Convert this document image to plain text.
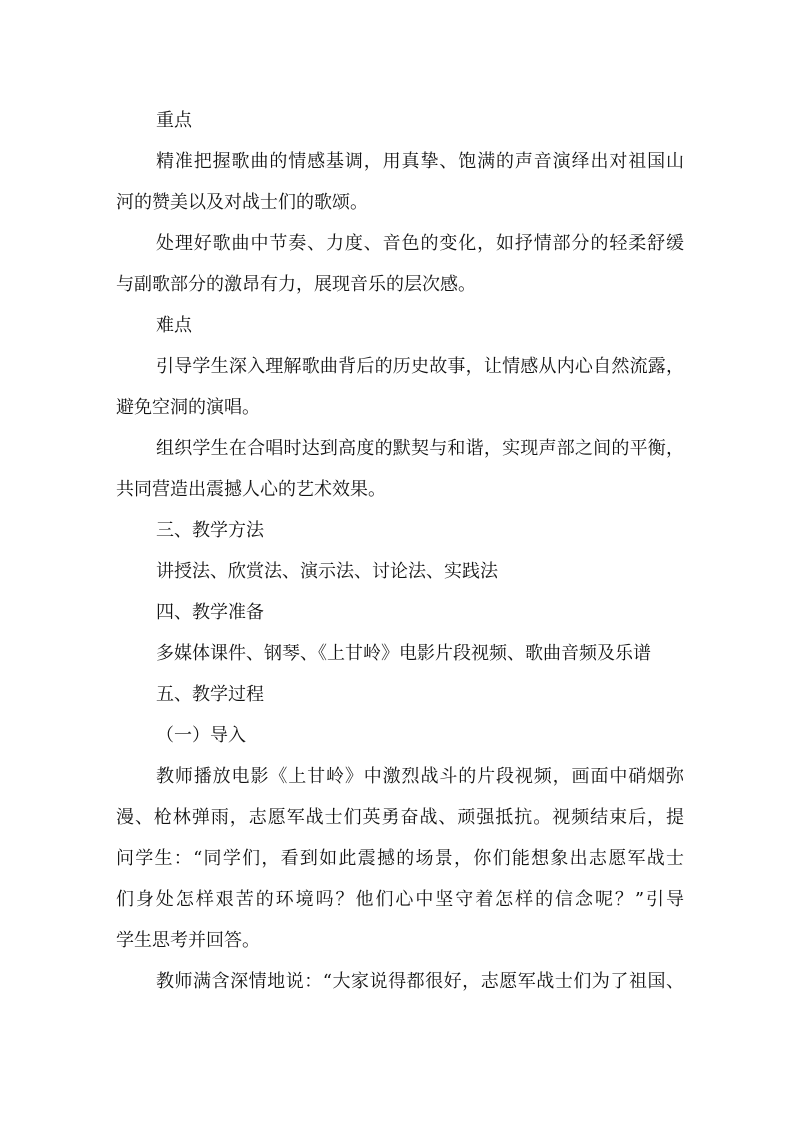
重点
精准把握歌曲的情感基调，用真挚、饱满的声音演绎出对祖国山
河的赞美以及对战士们的歌颂。
处理好歌曲中节奏、力度、音色的变化，如抒情部分的轻柔舒缓
与副歌部分的激昂有力，展现音乐的层次感。
难点
引导学生深入理解歌曲背后的历史故事，让情感从内心自然流露，
避免空洞的演唱。
组织学生在合唱时达到高度的默契与和谐，实现声部之间的平衡，
共同营造出震撼人心的艺术效果。
三、教学方法
讲授法、欣赏法、演示法、讨论法、实践法
四、教学准备
多媒体课件、钢琴、《上甘岭》电影片段视频、歌曲音频及乐谱
五、教学过程
（一）导入
教师播放电影《上甘岭》中激烈战斗的片段视频，画面中硝烟弥
漫、枪林弹雨，志愿军战士们英勇奋战、顽强抵抗。视频结束后，提
问学生：“同学们，看到如此震撼的场景，你们能想象出志愿军战士
们身处怎样艰苦的环境吗？他们心中坚守着怎样的信念呢？”引导
学生思考并回答。
教师满含深情地说：“大家说得都很好，志愿军战士们为了祖国、
